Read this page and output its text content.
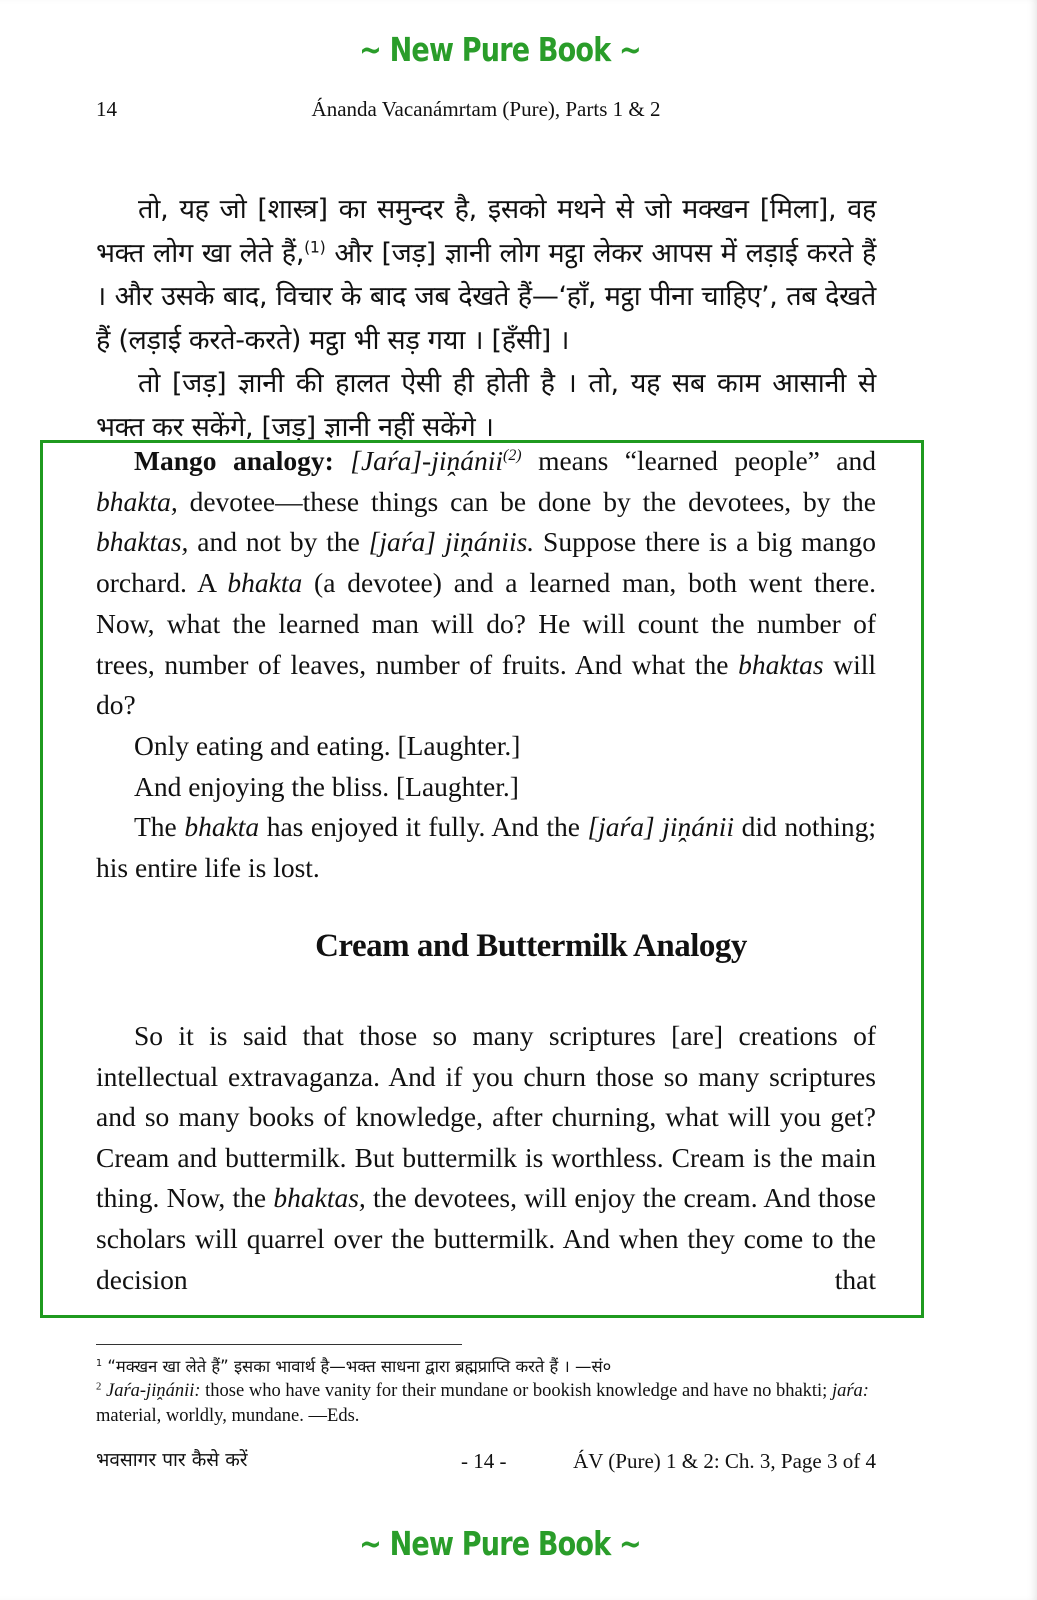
~ New Pure Book ~
14	Ánanda Vacanámrtam (Pure), Parts 1 & 2

तो, यह जो [शास्त्र] का समुन्दर है, इसको मथने से जो मक्खन [मिला], वह भक्त लोग खा लेते हैं,$^{(1)}$ और [जड़] ज्ञानी लोग मट्ठा लेकर आपस में लड़ाई करते हैं । और उसके बाद, विचार के बाद जब देखते हैं—‘हाँ, मट्ठा पीना चाहिए’, तब देखते हैं (लड़ाई करते-करते) मट्ठा भी सड़ गया । [हँसी] ।

तो [जड़] ज्ञानी की हालत ऐसी ही होती है । तो, यह सब काम आसानी से भक्त कर सकेंगे, [जड़] ज्ञानी नहीं सकेंगे ।

Mango analogy: [Jaŕa]-jiṋánii$^{(2)}$ means “learned people” and bhakta, devotee—these things can be done by the devotees, by the bhaktas, and not by the [jaŕa] jiṋániis. Suppose there is a big mango orchard. A bhakta (a devotee) and a learned man, both went there. Now, what the learned man will do? He will count the number of trees, number of leaves, number of fruits. And what the bhaktas will do?

Only eating and eating. [Laughter.]

And enjoying the bliss. [Laughter.]

The bhakta has enjoyed it fully. And the [jaŕa] jiṋánii did nothing; his entire life is lost.

Cream and Buttermilk Analogy

So it is said that those so many scriptures [are] creations of intellectual extravaganza. And if you churn those so many scriptures and so many books of knowledge, after churning, what will you get? Cream and buttermilk. But buttermilk is worthless. Cream is the main thing. Now, the bhaktas, the devotees, will enjoy the cream. And those scholars will quarrel over the buttermilk. And when they come to the decision that

$^1$ “मक्खन खा लेते हैं” इसका भावार्थ है—भक्त साधना द्वारा ब्रह्मप्राप्ति करते हैं । —सं०

$^2$ Jaŕa-jiṋánii: those who have vanity for their mundane or bookish knowledge and have no bhakti; jaŕa: material, worldly, mundane. —Eds.

भवसागर पार कैसे करें	- 14 -	ÁV (Pure) 1 & 2: Ch. 3, Page 3 of 4
~ New Pure Book ~
